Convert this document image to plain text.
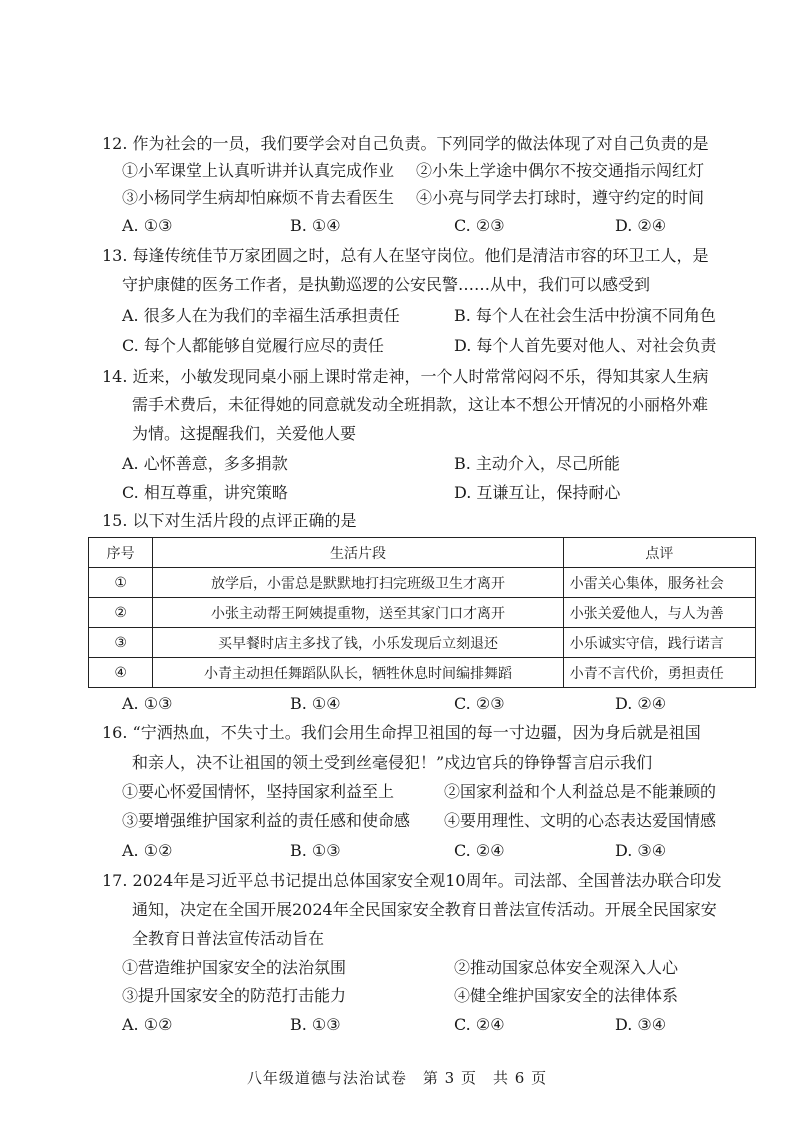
12. 作为社会的一员，我们要学会对自己负责。下列同学的做法体现了对自己负责的是
①小军课堂上认真听讲并认真完成作业 ②小朱上学途中偶尔不按交通指示闯红灯
③小杨同学生病却怕麻烦不肯去看医生 ④小亮与同学去打球时，遵守约定的时间
A. ①③	B. ①④	C. ②③	D. ②④
13. 每逢传统佳节万家团圆之时，总有人在坚守岗位。他们是清洁市容的环卫工人，是
守护康健的医务工作者，是执勤巡逻的公安民警……从中，我们可以感受到
A. 很多人在为我们的幸福生活承担责任	B. 每个人在社会生活中扮演不同角色
C. 每个人都能够自觉履行应尽的责任	D. 每个人首先要对他人、对社会负责
14. 近来，小敏发现同桌小丽上课时常走神，一个人时常常闷闷不乐，得知其家人生病
需手术费后，未征得她的同意就发动全班捐款，这让本不想公开情况的小丽格外难
为情。这提醒我们，关爱他人要
A. 心怀善意，多多捐款	B. 主动介入，尽己所能
C. 相互尊重，讲究策略	D. 互谦互让，保持耐心
15. 以下对生活片段的点评正确的是
序号	生活片段	点评
①	放学后，小雷总是默默地打扫完班级卫生才离开	小雷关心集体，服务社会
②	小张主动帮王阿姨提重物，送至其家门口才离开	小张关爱他人，与人为善
③	买早餐时店主多找了钱，小乐发现后立刻退还	小乐诚实守信，践行诺言
④	小青主动担任舞蹈队队长，牺牲休息时间编排舞蹈	小青不言代价，勇担责任
A. ①③	B. ①④	C. ②③	D. ②④
16. “宁洒热血，不失寸土。我们会用生命捍卫祖国的每一寸边疆，因为身后就是祖国
和亲人，决不让祖国的领土受到丝毫侵犯！”戍边官兵的铮铮誓言启示我们
①要心怀爱国情怀，坚持国家利益至上	②国家利益和个人利益总是不能兼顾的
③要增强维护国家利益的责任感和使命感 ④要用理性、文明的心态表达爱国情感
A. ①②	B. ①③	C. ②④	D. ③④
17. 2024年是习近平总书记提出总体国家安全观10周年。司法部、全国普法办联合印发
通知，决定在全国开展2024年全民国家安全教育日普法宣传活动。开展全民国家安
全教育日普法宣传活动旨在
①营造维护国家安全的法治氛围	②推动国家总体安全观深入人心
③提升国家安全的防范打击能力	④健全维护国家安全的法律体系
A. ①②	B. ①③	C. ②④	D. ③④
八年级道德与法治试卷　第 3 页　共 6 页
